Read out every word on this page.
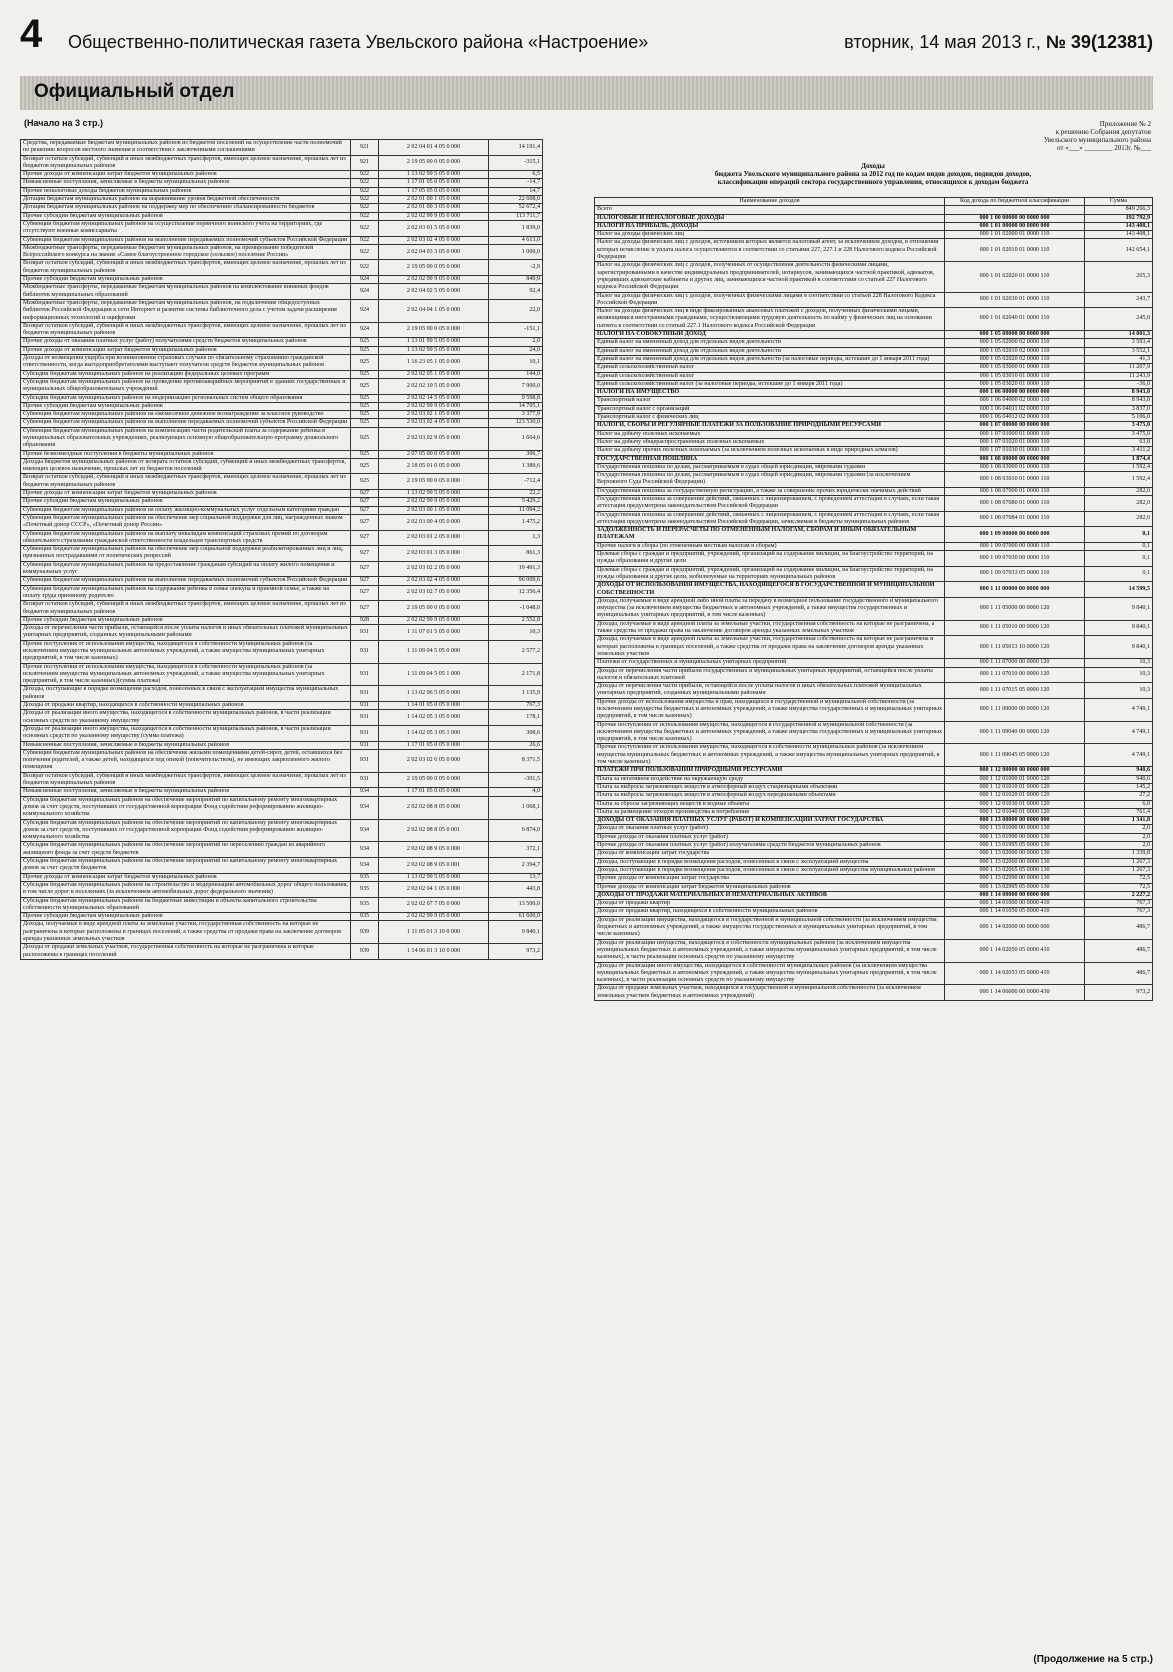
4 Общественно-политическая газета Увельского района «Настроение»	вторник, 14 мая 2013 г., № 39(12381)
Официальный отдел
(Начало на 3 стр.)
Средства, передаваемые бюджетам муниципальных районов из бюджетов поселений на осуществление части полномочий по решению вопросов местного значения в соответствии с заключенными соглашениями	921	2 02 04 01 4 05 0 000	14 191,4
Возврат остатков субсидий, субвенций и иных межбюджетных трансфертов, имеющих целевое назначение, прошлых лет из бюджетов муниципальных районов	921	2 19 05 00 0 05 0 000	-315,1
Прочие доходы от компенсации затрат бюджетов муниципальных районов	922	1 13 02 99 5 05 0 000	6,5
Невыясненные поступления, зачисляемые в бюджеты муниципальных районов	922	1 17 01 05 0 05 0 000	-14,7
Прочие неналоговые доходы бюджетов муниципальных районов	922	1 17 05 05 0 05 0 000	14,7
Дотации бюджетам муниципальных районов на выравнивание уровня бюджетной обеспеченности	922	2 02 01 00 1 05 0 000	22 608,0
Дотации бюджетам муниципальных районов на поддержку мер по обеспечению сбалансированности бюджетов	922	2 02 01 00 3 05 0 000	52 672,4
Прочие субсидии бюджетам муниципальных районов	922	2 02 02 99 9 05 0 000	113 711,7
Субвенции бюджетам муниципальных районов на осуществление первичного воинского учета на территориях, где отсутствуют военные комиссариаты	922	2 02 03 01 5 05 0 000	1 839,0
Субвенции бюджетам муниципальных районов на выполнение передаваемых полномочий субъектов Российской Федерации	922	2 02 03 02 4 05 0 000	4 613,0
Межбюджетные трансферты, передаваемые бюджетам муниципальных районов, на премирование победителей Всероссийского конкурса на звание «Самое благоустроенное городское (сельское) поселение России»	922	2 02 04 03 3 05 0 000	1 000,0
Возврат остатков субсидий, субвенций и иных межбюджетных трансфертов, имеющих целевое назначение, прошлых лет из бюджетов муниципальных районов	922	2 19 05 00 0 05 0 000	-2,9
Прочие субсидии бюджетам муниципальных районов	924	2 02 02 99 9 05 0 000	849,9
Межбюджетные трансферты, передаваемые бюджетам муниципальных районов на комплектование книжных фондов библиотек муниципальных образований	924	2 02 04 02 5 05 0 000	92,4
Межбюджетные трансферты, передаваемые бюджетам муниципальных районов, на подключение общедоступных библиотек Российской Федерации к сети Интернет и развитие системы библиотечного дела с учетом задачи расширения информационных технологий и оцифровки	924	2 02 04 04 1 05 0 000	22,0
Возврат остатков субсидий, субвенций и иных межбюджетных трансфертов, имеющих целевое назначение, прошлых лет из бюджетов муниципальных районов	924	2 19 05 00 0 05 0 000	-151,1
Прочие доходы от оказания платных услуг (работ) получателями средств бюджетов муниципальных районов	925	1 13 01 99 5 05 0 000	2,0
Прочие доходы от компенсации затрат бюджетов муниципальных районов	925	1 13 02 99 5 05 0 000	24,0
Доходы от возмещения ущерба при возникновении страховых случаев по обязательному страхованию гражданской ответственности, когда выгодоприобретателями выступают получатели средств бюджетов муниципальных районов	925	1 16 23 05 1 05 0 000	10,1
Субсидии бюджетам муниципальных районов на реализацию федеральных целевых программ	925	2 02 02 05 1 05 0 000	144,0
Субсидии бюджетам муниципальных районов на проведение противоаварийных мероприятий в зданиях государственных и муниципальных общеобразовательных учреждений	925	2 02 02 10 5 05 0 000	7 900,0
Субсидии бюджетам муниципальных районов на модернизацию региональных систем общего образования	925	2 02 02 14 5 05 0 000	9 598,8
Прочие субсидии бюджетам муниципальных районов	925	2 02 02 99 9 05 0 000	14 705,1
Субвенции бюджетам муниципальных районов на ежемесячное денежное вознаграждение за классное руководство	925	2 02 03 02 1 05 0 000	3 377,9
Субвенции бюджетам муниципальных районов на выполнение передаваемых полномочий субъектов Российской Федерации	925	2 02 03 02 4 05 0 000	123 530,0
Субвенции бюджетам муниципальных районов на компенсацию части родительской платы за содержание ребенка в муниципальных образовательных учреждениях, реализующих основную общеобразовательную программу дошкольного образования	925	2 02 03 02 9 05 0 000	1 664,6
Прочие безвозмездные поступления в бюджеты муниципальных районов	925	2 07 05 00 0 05 0 000	306,7
Доходы бюджетов муниципальных районов от возврата остатков субсидий, субвенций и иных межбюджетных трансфертов, имеющих целевое назначение, прошлых лет из бюджетов поселений	925	2 18 05 01 0 05 0 000	1 389,6
Возврат остатков субсидий, субвенций и иных межбюджетных трансфертов, имеющих целевое назначение, прошлых лет из бюджетов муниципальных районов	925	2 19 05 00 0 05 0 000	-712,4
Прочие доходы от компенсации затрат бюджетов муниципальных районов	927	1 13 02 99 5 05 0 000	22,2
Прочие субсидии бюджетам муниципальных районов	927	2 02 02 99 9 05 0 000	5 429,2
Субвенции бюджетам муниципальных районов на оплату жилищно-коммунальных услуг отдельным категориям граждан	927	2 02 03 00 1 05 0 000	11 094,2
Субвенции бюджетам муниципальных районов на обеспечение мер социальной поддержки для лиц, награжденных знаком «Почетный донор СССР», «Почетный донор России»	927	2 02 03 00 4 05 0 000	1 475,2
Субвенции бюджетам муниципальных районов на выплату инвалидам компенсаций страховых премий по договорам обязательного страхования гражданской ответственности владельцев транспортных средств	927	2 02 03 01 2 05 0 000	1,3
Субвенции бюджетам муниципальных районов на обеспечение мер социальной поддержки реабилитированных лиц и лиц, признанных пострадавшими от политических репрессий	927	2 02 03 01 3 05 0 000	861,3
Субвенции бюджетам муниципальных районов на предоставление гражданам субсидий на оплату жилого помещения и коммунальных услуг	927	2 02 03 02 2 05 0 000	19 491,3
Субвенции бюджетам муниципальных районов на выполнение передаваемых полномочий субъектов Российской Федерации	927	2 02 03 02 4 05 0 000	96 009,6
Субвенции бюджетам муниципальных районов на содержание ребенка в семье опекуна и приемной семье, а также на оплату труда приемному родителю	927	2 02 03 02 7 05 0 000	12 356,4
Возврат остатков субсидий, субвенций и иных межбюджетных трансфертов, имеющих целевое назначение, прошлых лет из бюджетов муниципальных районов	927	2 19 05 00 0 05 0 000	-1 048,0
Прочие субсидии бюджетам муниципальных районов	928	2 02 02 99 9 05 0 000	2 552,8
Доходы от перечисления части прибыли, остающейся после уплаты налогов и иных обязательных платежей муниципальных унитарных предприятий, созданных муниципальными районами	931	1 11 07 01 5 05 0 000	10,3
Прочие поступления от использования имущества, находящегося в собственности муниципальных районов (за исключением имущества муниципальных автономных учреждений, а также имущества муниципальных унитарных предприятий, в том числе казенных)	931	1 11 09 04 5 05 0 000	2 577,2
Прочие поступления от использования имущества, находящегося в собственности муниципальных районов (за исключением имущества муниципальных автономных учреждений, а также имущества муниципальных унитарных предприятий, в том числе казенных)(сумма платежа)	931	1 11 09 04 5 05 1 000	2 171,8
Доходы, поступающие в порядке возмещения расходов, понесенных в связи с эксплуатацией имущества муниципальных районов	931	1 13 02 06 5 05 0 000	1 135,9
Доходы от продажи квартир, находящихся в собственности муниципальных районов	931	1 14 01 05 0 05 0 000	767,3
Доходы от реализации иного имущества, находящегося в собственности муниципальных районов, в части реализации основных средств по указанному имуществу	931	1 14 02 05 3 05 0 000	178,1
Доходы от реализации иного имущества, находящегося в собственности муниципальных районов, в части реализации основных средств по указанному имуществу (сумма платежа)	931	1 14 02 05 3 05 1 000	308,6
Невыясненные поступления, зачисляемые в бюджеты муниципальных районов	931	1 17 01 05 0 05 0 000	26,6
Субвенции бюджетам муниципальных районов на обеспечение жилыми помещениями детей-сирот, детей, оставшихся без попечения родителей, а также детей, находящихся под опекой (попечительством), не имеющих закрепленного жилого помещения	931	2 02 03 02 6 05 0 000	8 371,5
Возврат остатков субсидий, субвенций и иных межбюджетных трансфертов, имеющих целевое назначение, прошлых лет из бюджетов муниципальных районов	931	2 19 05 00 0 05 0 000	-391,5
Невыясненные поступления, зачисляемые в бюджеты муниципальных районов	934	1 17 01 05 0 05 0 000	4,0
Субсидии бюджетам муниципальных районов на обеспечение мероприятий по капитальному ремонту многоквартирных домов за счет средств, поступивших от государственной корпорации Фонд содействия реформированию жилищно-коммунального хозяйства	934	2 02 02 08 8 05 0 000	1 068,1
Субсидии бюджетам муниципальных районов на обеспечение мероприятий по капитальному ремонту многоквартирных домов за счет средств, поступивших от государственной корпорации Фонд содействия реформированию жилищно-коммунального хозяйства	934	2 02 02 08 8 05 0 001	6 874,0
Субсидии бюджетам муниципальных районов на обеспечение мероприятий по переселению граждан из аварийного жилищного фонда за счет средств бюджетов	934	2 02 02 08 9 05 0 000	372,1
Субсидии бюджетам муниципальных районов на обеспечение мероприятий по капитальному ремонту многоквартирных домов за счет средств бюджетов	934	2 02 02 08 9 05 0 001	2 394,7
Прочие доходы от компенсации затрат бюджетов муниципальных районов	935	1 13 02 99 5 05 0 000	13,7
Субсидии бюджетам муниципальных районов на строительство и модернизацию автомобильных дорог общего пользования, в том числе дорог в поселениях (за исключением автомобильных дорог федерального значения)	935	2 02 02 04 1 05 0 000	443,8
Субсидии бюджетам муниципальных районов на бюджетные инвестиции в объекты капитального строительства собственности муниципальных образований	935	2 02 02 07 7 05 0 000	13 500,0
Прочие субсидии бюджетам муниципальных районов	935	2 02 02 99 9 05 0 000	61 600,0
Доходы, получаемые в виде арендной платы за земельные участки, государственная собственность на которые не разграничена и которые расположены в границах поселений, а также средства от продажи права на заключение договоров аренды указанных земельных участков	939	1 11 05 01 3 10 0 000	9 840,1
Доходы от продажи земельных участков, государственная собственность на которые не разграничена и которые расположены в границах поселений	939	1 14 06 01 3 10 0 000	973,2
Приложение № 2
к решению Собрания депутатов
Увельского муниципального района
от «___» ________ 2013г. №___
Доходы
бюджета Увельского муниципального района за 2012 год по кодам видов доходов, подвидов доходов,
классификации операций сектора государственного управления, относящихся к доходам бюджета
Наименование доходов	Код дохода по бюджетной классификации	Сумма
Всего		849 266,3
НАЛОГОВЫЕ И НЕНАЛОГОВЫЕ ДОХОДЫ	000 1 00 00000 00 0000 000	192 792,9
НАЛОГИ НА ПРИБЫЛЬ, ДОХОДЫ	000 1 01 00000 00 0000 000	143 408,1
Налог на доходы физических лиц	000 1 01 02000 01 0000 110	143 408,1
Налог на доходы физических лиц с доходов, источником которых является налоговый агент, за исключением доходов, в отношении которых исчисление и уплата налога осуществляются в соответствии со статьями 227, 227.1 и 228 Налогового кодекса Российской Федерации	000 1 01 02010 01 0000 110	142 654,1
Налог на доходы физических лиц с доходов, полученных от осуществления деятельности физическими лицами, зарегистрированными в качестве индивидуальных предпринимателей, нотариусов, занимающихся частной практикой, адвокатов, учредивших адвокатские кабинеты и других лиц, занимающихся частной практикой в соответствии со статьей 227 Налогового кодекса Российской Федерации	000 1 01 02020 01 0000 110	265,3
Налог на доходы физических лиц с доходов, полученных физическими лицами в соответствии со статьей 228 Налогового Кодекса Российской Федерации	000 1 01 02030 01 0000 110	243,7
Налог на доходы физических лиц в виде фиксированных авансовых платежей с доходов, полученных физическими лицами, являющимися иностранными гражданами, осуществляющими трудовую деятельность по найму у физических лиц на основании патента в соответствии со статьей 227.1 Налогового кодекса Российской Федерации	000 1 01 02040 01 0000 110	245,0
НАЛОГИ НА СОВОКУПНЫЙ ДОХОД	000 1 05 00000 00 0000 000	14 801,3
Единый налог на вмененный доход для отдельных видов деятельности	000 1 05 02000 02 0000 110	3 593,4
Единый налог на вмененный доход для отдельных видов деятельности	000 1 05 02010 02 0000 110	3 552,1
Единый налог на вмененный доход для отдельных видов деятельности (за налоговые периоды, истекшие до 1 января 2011 года)	000 1 05 02020 02 0000 110	41,3
Единый сельскохозяйственный налог	000 1 05 03000 01 0000 110	11 207,9
Единый сельскохозяйственный налог	000 1 05 03010 01 0000 110	11 243,9
Единый сельскохозяйственный налог (за налоговые периоды, истекшие до 1 января 2011 года)	000 1 05 03020 01 0000 110	-36,0
НАЛОГИ НА ИМУЩЕСТВО	000 1 06 00000 00 0000 000	8 943,0
Транспортный налог	000 1 06 04000 02 0000 110	8 943,0
Транспортный налог с организаций	000 1 06 04011 02 0000 110	3 837,0
Транспортный налог с физических лиц	000 1 06 04012 02 0000 110	5 106,0
НАЛОГИ, СБОРЫ И РЕГУЛЯРНЫЕ ПЛАТЕЖИ ЗА ПОЛЬЗОВАНИЕ ПРИРОДНЫМИ РЕСУРСАМИ	000 1 07 00000 00 0000 000	3 475,0
Налог на добычу полезных ископаемых	000 1 07 01000 01 0000 110	3 475,0
Налог на добычу общераспространенных полезных ископаемых	000 1 07 01020 01 0000 110	63,8
Налог на добычу прочих полезных ископаемых (за исключением полезных ископаемых в виде природных алмазов)	000 1 07 01030 01 0000 110	3 411,2
ГОСУДАРСТВЕННАЯ ПОШЛИНА	000 1 08 00000 00 0000 000	1 874,4
Государственная пошлина по делам, рассматриваемым в судах общей юрисдикции, мировыми судьями	000 1 08 03000 01 0000 110	1 592,4
Государственная пошлина по делам, рассматриваемым в судах общей юрисдикции, мировыми судьями (за исключением Верховного Суда Российской Федерации)	000 1 08 03010 01 0000 110	1 592,4
Государственная пошлина за государственную регистрацию, а также за совершение прочих юридически значимых действий	000 1 08 07000 01 0000 110	282,0
Государственная пошлина за совершение действий, связанных с лицензированием, с проведением аттестации в случаях, если такая аттестация предусмотрена законодательством Российской Федерации	000 1 08 07080 01 0000 110	282,0
Государственная пошлина за совершение действий, связанных с лицензированием, с проведением аттестации в случаях, если такая аттестация предусмотрена законодательством Российской Федерации, зачисляемая в бюджеты муниципальных районов	000 1 08 07084 01 0000 110	282,0
ЗАДОЛЖЕННОСТЬ И ПЕРЕРАСЧЕТЫ ПО ОТМЕНЕННЫМ НАЛОГАМ, СБОРАМ И ИНЫМ ОБЯЗАТЕЛЬНЫМ ПЛАТЕЖАМ	000 1 09 00000 00 0000 000	0,1
Прочие налоги и сборы (по отмененным местным налогам и сборам)	000 1 09 07000 00 0000 110	0,1
Целевые сборы с граждан и предприятий, учреждений, организаций на содержание милиции, на благоустройство территорий, на нужды образования и другие цели	000 1 09 07030 00 0000 110	0,1
Целевые сборы с граждан и предприятий, учреждений, организаций на содержание милиции, на благоустройство территорий, на нужды образования и другие цели, мобилизуемые на территориях муниципальных районов	000 1 09 07033 05 0000 110	0,1
ДОХОДЫ ОТ ИСПОЛЬЗОВАНИЯ ИМУЩЕСТВА, НАХОДЯЩЕГОСЯ В ГОСУДАРСТВЕННОЙ И МУНИЦИПАЛЬНОЙ СОБСТВЕННОСТИ	000 1 11 00000 00 0000 000	14 599,5
Доходы, получаемые в виде арендной либо иной платы за передачу в возмездное пользование государственного и муниципального имущества (за исключением имущества бюджетных и автономных учреждений, а также имущества государственных и муниципальных унитарных предприятий, в том числе казенных)	000 1 11 05000 00 0000 120	9 840,1
Доходы, получаемые в виде арендной платы за земельные участки, государственная собственность на которые не разграничена, а также средства от продажи права на заключение договоров аренды указанных земельных участков	000 1 11 05010 00 0000 120	9 840,1
Доходы, получаемые в виде арендной платы за земельные участки, государственная собственность на которые не разграничена и которые расположены в границах поселений, а также средства от продажи права на заключение договоров аренды указанных земельных участков	000 1 11 05013 10 0000 120	9 840,1
Платежи от государственных и муниципальных унитарных предприятий	000 1 11 07000 00 0000 120	10,3
Доходы от перечисления части прибыли государственных и муниципальных унитарных предприятий, остающейся после уплаты налогов и обязательных платежей	000 1 11 07010 00 0000 120	10,3
Доходы от перечисления части прибыли, остающейся после уплаты налогов и иных обязательных платежей муниципальных унитарных предприятий, созданных муниципальными районами	000 1 11 07015 05 0000 120	10,3
Прочие доходы от использования имущества и прав, находящихся в государственной и муниципальной собственности (за исключением имущества бюджетных и автономных учреждений, а также имущества государственных и муниципальных унитарных предприятий, в том числе казенных)	000 1 11 09000 00 0000 120	4 749,1
Прочие поступления от использования имущества, находящегося в государственной и муниципальной собственности (за исключением имущества бюджетных и автономных учреждений, а также имущества государственных и муниципальных унитарных предприятий, в том числе казенных)	000 1 11 09040 00 0000 120	4 749,1
Прочие поступления от использования имущества, находящегося в собственности муниципальных районов (за исключением имущества муниципальных бюджетных и автономных учреждений, а также имущества муниципальных унитарных предприятий, в том числе казенных)	000 1 11 09045 05 0000 120	4 749,1
ПЛАТЕЖИ ПРИ ПОЛЬЗОВАНИИ ПРИРОДНЫМИ РЕСУРСАМИ	000 1 12 00000 00 0000 000	940,6
Плата за негативное воздействие на окружающую среду	000 1 12 01000 01 0000 120	940,6
Плата за выбросы загрязняющих веществ в атмосферный воздух стационарными объектами	000 1 12 01010 01 0000 120	145,2
Плата за выбросы загрязняющих веществ в атмосферный воздух передвижными объектами	000 1 12 01020 01 0000 120	27,2
Плата за сбросы загрязняющих веществ в водные объекты	000 1 12 01030 01 0000 120	6,0
Плата за размещение отходов производства и потребления	000 1 12 01040 01 0000 120	761,4
ДОХОДЫ ОТ ОКАЗАНИЯ ПЛАТНЫХ УСЛУГ (РАБОТ) И КОМПЕНСАЦИИ ЗАТРАТ ГОСУДАРСТВА	000 1 13 00000 00 0000 000	1 341,8
Доходы от оказания платных услуг (работ)	000 1 13 01000 00 0000 130	2,0
Прочие доходы от оказания платных услуг (работ)	000 1 13 01990 00 0000 130	2,0
Прочие доходы от оказания платных услуг (работ) получателями средств бюджетов муниципальных районов	000 1 13 01995 05 0000 130	2,0
Доходы от компенсации затрат государства	000 1 13 02000 00 0000 130	1 339,8
Доходы, поступающие в порядке возмещения расходов, понесенных в связи с эксплуатацией имущества	000 1 13 02060 00 0000 130	1 267,3
Доходы, поступающие в порядке возмещения расходов, понесенных в связи с эксплуатацией имущества муниципальных районов	000 1 13 02065 05 0000 130	1 267,3
Прочие доходы от компенсации затрат государства	000 1 13 02990 00 0000 130	72,5
Прочие доходы от компенсации затрат бюджетов муниципальных районов	000 1 13 02995 05 0000 130	72,5
ДОХОДЫ ОТ ПРОДАЖИ МАТЕРИАЛЬНЫХ И НЕМАТЕРИАЛЬНЫХ АКТИВОВ	000 1 14 00000 00 0000 000	2 227,2
Доходы от продажи квартир	000 1 14 01000 00 0000 410	767,3
Доходы от продажи квартир, находящихся в собственности муниципальных районов	000 1 14 01050 05 0000 410	767,3
Доходы от реализации имущества, находящегося в государственной и муниципальной собственности (за исключением имущества бюджетных и автономных учреждений, а также имущества государственных и муниципальных унитарных предприятий, в том числе казенных)	000 1 14 02000 00 0000 000	486,7
Доходы от реализации имущества, находящегося в собственности муниципальных районов (за исключением имущества муниципальных бюджетных и автономных учреждений, а также имущества муниципальных унитарных предприятий, в том числе казенных), в части реализации основных средств по указанному имуществу	000 1 14 02050 05 0000 410	486,7
Доходы от реализации иного имущества, находящегося в собственности муниципальных районов (за исключением имущества муниципальных бюджетных и автономных учреждений, а также имущества муниципальных унитарных предприятий, в том числе казенных), в части реализации основных средств по указанному имуществу	000 1 14 02053 05 0000 410	486,7
Доходы от продажи земельных участков, находящихся в государственной и муниципальной собственности (за исключением земельных участков бюджетных и автономных учреждений)	000 1 14 06000 00 0000 430	973,2
(Продолжение на 5 стр.)
